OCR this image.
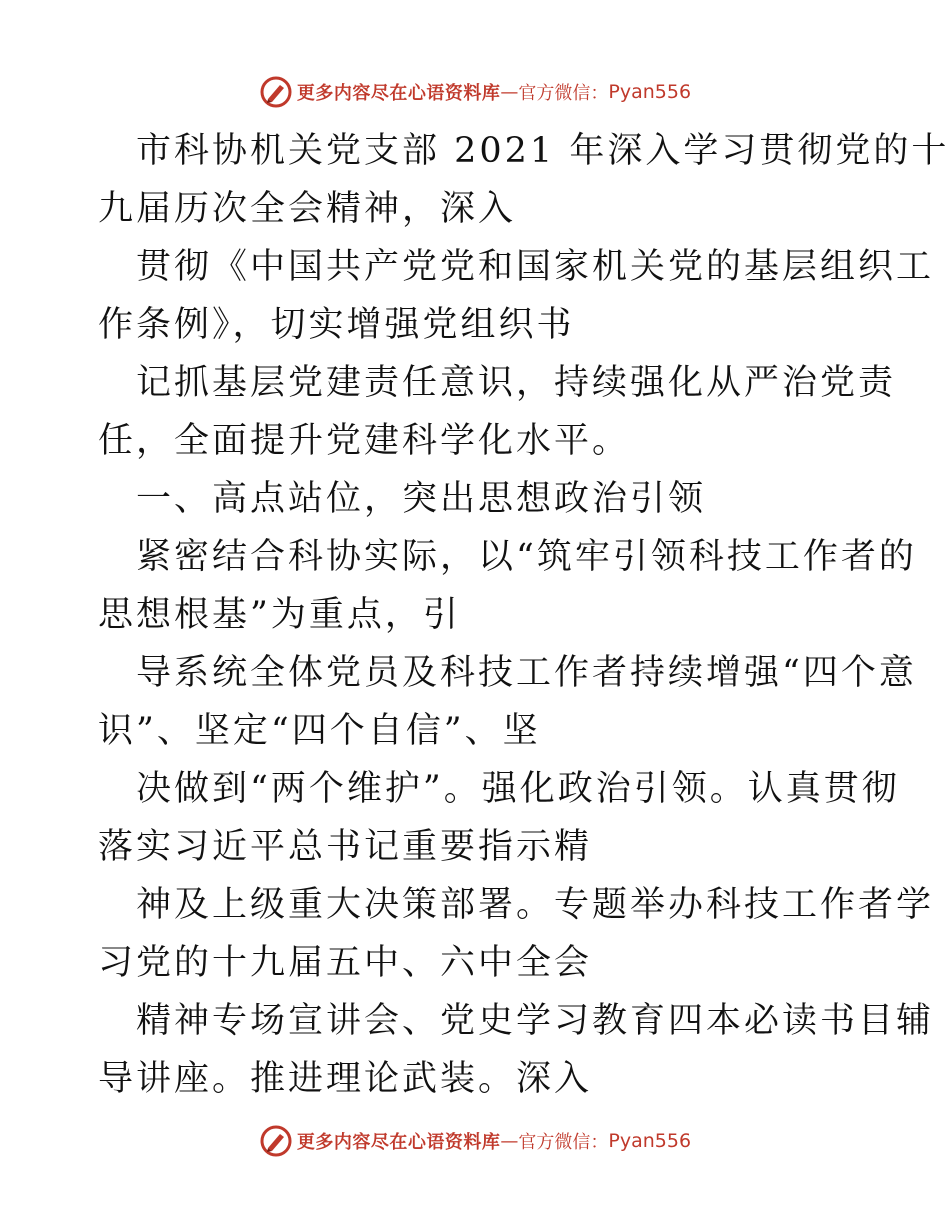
更多内容尽在心语资料库 — 官方微信： Pyan556

市科协机关党支部 2021 年深入学习贯彻党的十
九届历次全会精神，深入

贯彻《中国共产党党和国家机关党的基层组织工
作条例》，切实增强党组织书

记抓基层党建责任意识，持续强化从严治党责
任，全面提升党建科学化水平。

一、高点站位，突出思想政治引领

紧密结合科协实际，以“筑牢引领科技工作者的
思想根基”为重点，引

导系统全体党员及科技工作者持续增强“四个意
识”、坚定“四个自信”、坚

决做到“两个维护”。强化政治引领。认真贯彻
落实习近平总书记重要指示精

神及上级重大决策部署。专题举办科技工作者学
习党的十九届五中、六中全会

精神专场宣讲会、党史学习教育四本必读书目辅
导讲座。推进理论武装。深入

更多内容尽在心语资料库 — 官方微信： Pyan556
